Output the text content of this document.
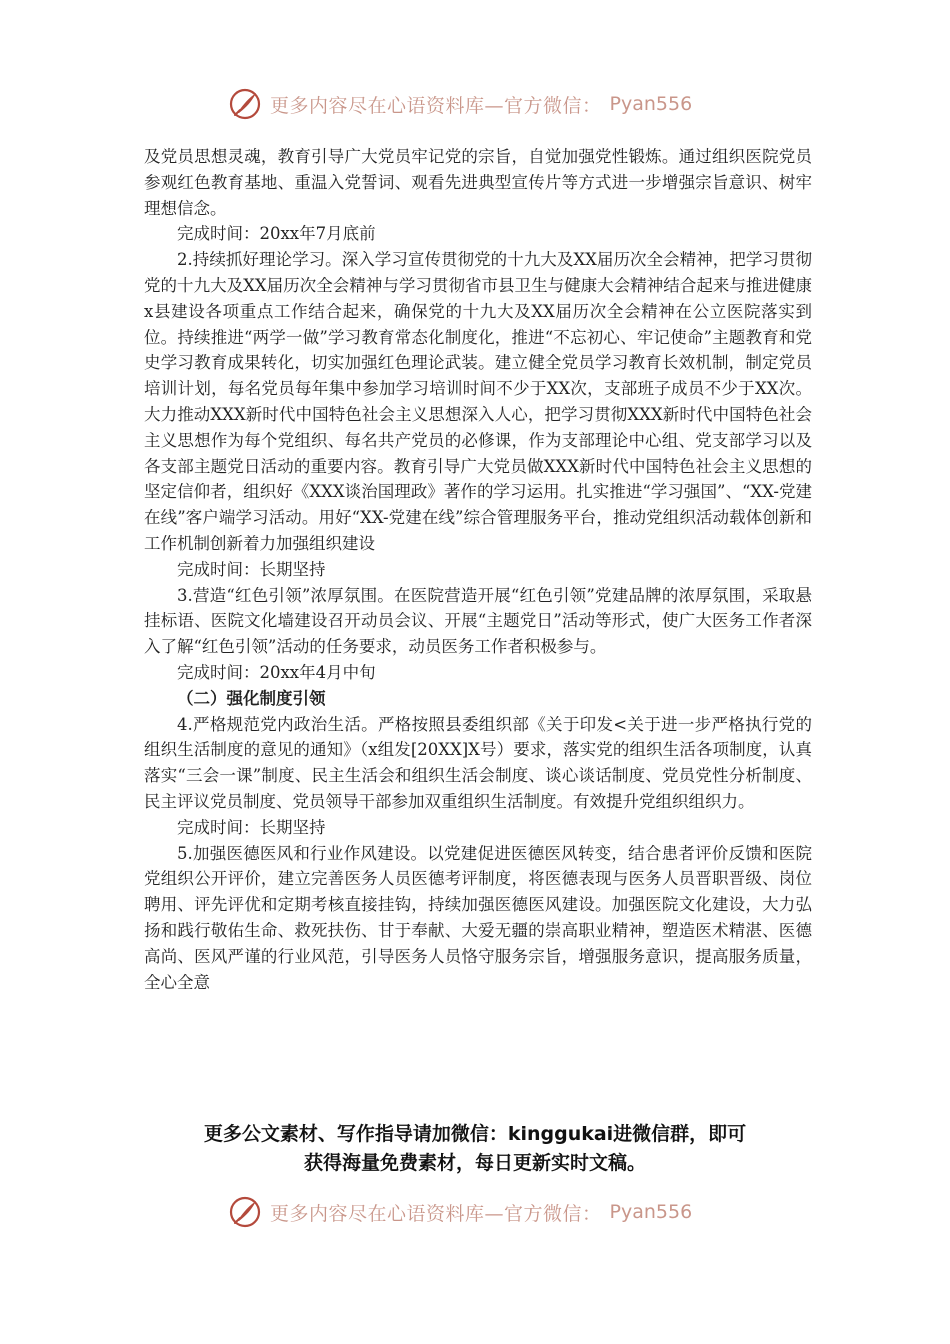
更多内容尽在心语资料库—官方微信： Pyan556

及党员思想灵魂，教育引导广大党员牢记党的宗旨，自觉加强党性锻炼。通过组织医院党员参观红色教育基地、重温入党誓词、观看先进典型宣传片等方式进一步增强宗旨意识、树牢理想信念。

完成时间：20xx年7月底前

2.持续抓好理论学习。深入学习宣传贯彻党的十九大及XX届历次全会精神，把学习贯彻党的十九大及XX届历次全会精神与学习贯彻省市县卫生与健康大会精神结合起来与推进健康x县建设各项重点工作结合起来，确保党的十九大及XX届历次全会精神在公立医院落实到位。持续推进“两学一做”学习教育常态化制度化，推进“不忘初心、牢记使命”主题教育和党史学习教育成果转化，切实加强红色理论武装。建立健全党员学习教育长效机制，制定党员培训计划，每名党员每年集中参加学习培训时间不少于XX次，支部班子成员不少于XX次。大力推动XXX新时代中国特色社会主义思想深入人心，把学习贯彻XXX新时代中国特色社会主义思想作为每个党组织、每名共产党员的必修课，作为支部理论中心组、党支部学习以及各支部主题党日活动的重要内容。教育引导广大党员做XXX新时代中国特色社会主义思想的坚定信仰者，组织好《XXX谈治国理政》著作的学习运用。扎实推进“学习强国”、“XX-党建在线”客户端学习活动。用好“XX-党建在线”综合管理服务平台，推动党组织活动载体创新和工作机制创新着力加强组织建设

完成时间：长期坚持

3.营造“红色引领”浓厚氛围。在医院营造开展“红色引领”党建品牌的浓厚氛围，采取悬挂标语、医院文化墙建设召开动员会议、开展“主题党日”活动等形式，使广大医务工作者深入了解“红色引领”活动的任务要求，动员医务工作者积极参与。

完成时间：20xx年4月中旬

（二）强化制度引领

4.严格规范党内政治生活。严格按照县委组织部《关于印发<关于进一步严格执行党的组织生活制度的意见的通知》（x组发[20XX]X号）要求，落实党的组织生活各项制度，认真落实“三会一课”制度、民主生活会和组织生活会制度、谈心谈话制度、党员党性分析制度、民主评议党员制度、党员领导干部参加双重组织生活制度。有效提升党组织组织力。

完成时间：长期坚持

5.加强医德医风和行业作风建设。以党建促进医德医风转变，结合患者评价反馈和医院党组织公开评价，建立完善医务人员医德考评制度，将医德表现与医务人员晋职晋级、岗位聘用、评先评优和定期考核直接挂钩，持续加强医德医风建设。加强医院文化建设，大力弘扬和践行敬佑生命、救死扶伤、甘于奉献、大爱无疆的崇高职业精神，塑造医术精湛、医德高尚、医风严谨的行业风范，引导医务人员恪守服务宗旨，增强服务意识，提高服务质量，全心全意

更多公文素材、写作指导请加微信：kinggukai进微信群，即可
获得海量免费素材，每日更新实时文稿。
更多内容尽在心语资料库—官方微信： Pyan556
